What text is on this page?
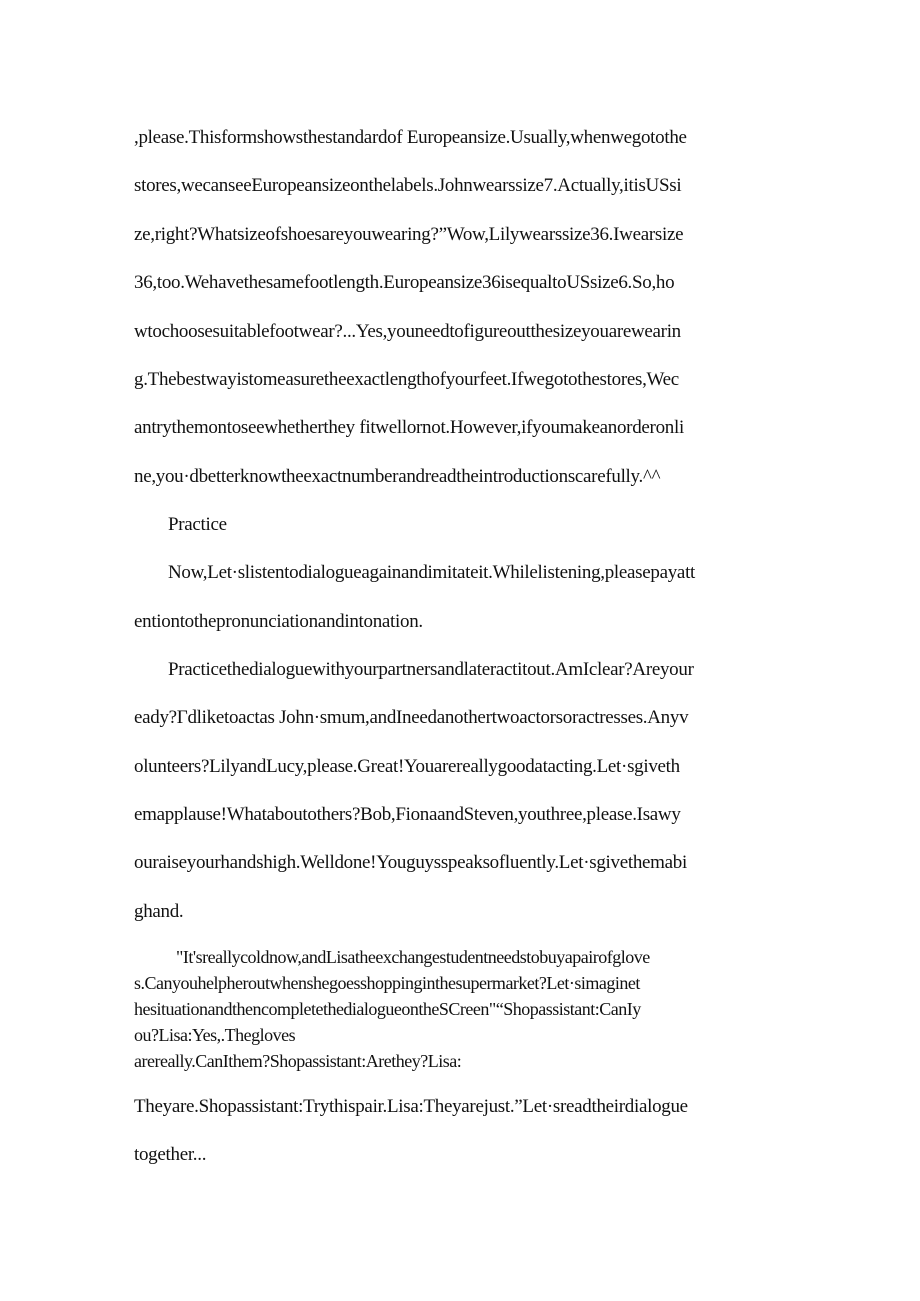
,please.Thisformshowsthestandardof Europeansize.Usually,whenwegotothe
stores,wecanseeEuropeansizeonthelabels.Johnwearssize7.Actually,itisUSsi
ze,right?Whatsizeofshoesareyouwearing?”Wow,Lilywearssize36.Iwearsize
36,too.Wehavethesamefootlength.Europeansize36isequaltoUSsize6.So,ho
wtochoosesuitablefootwear?...Yes,youneedtofigureoutthesizeyouarewearin
g.Thebestwayistomeasuretheexactlengthofyourfeet.Ifwegotothestores,Wec
antrythemontoseewhetherthey fitwellornot.However,ifyoumakeanorderonli
ne,you·dbetterknowtheexactnumberandreadtheintroductionscarefully.^^
Practice
Now,Let·slistentodialogueagainandimitateit.Whilelistening,pleasepayatt
entiontothepronunciationandintonation.
Practicethedialoguewithyourpartnersandlateractitout.AmIclear?Areyour
eady?Γdliketoactas John·smum,andIneedanothertwoactorsoractresses.Anyv
olunteers?LilyandLucy,please.Great!Youarereallygoodatacting.Let·sgiveth
emapplause!Whataboutothers?Bob,FionaandSteven,youthree,please.Isawy
ouraiseyourhandshigh.Welldone!Youguysspeaksofluently.Let·sgivethemabi
ghand.
"It'sreallycoldnow,andLisatheexchangestudentneedstobuyapairofglove
s.Canyouhelpheroutwhenshegoesshoppinginthesupermarket?Let·simaginet
hesituationandthencompletethedialogueontheSCreen"“Shopassistant:CanIy
ou?Lisa:Yes,.Thegloves
arereally.CanIthem?Shopassistant:Arethey?Lisa:
Theyare.Shopassistant:Trythispair.Lisa:Theyarejust.”Let·sreadtheirdialogue
together...
